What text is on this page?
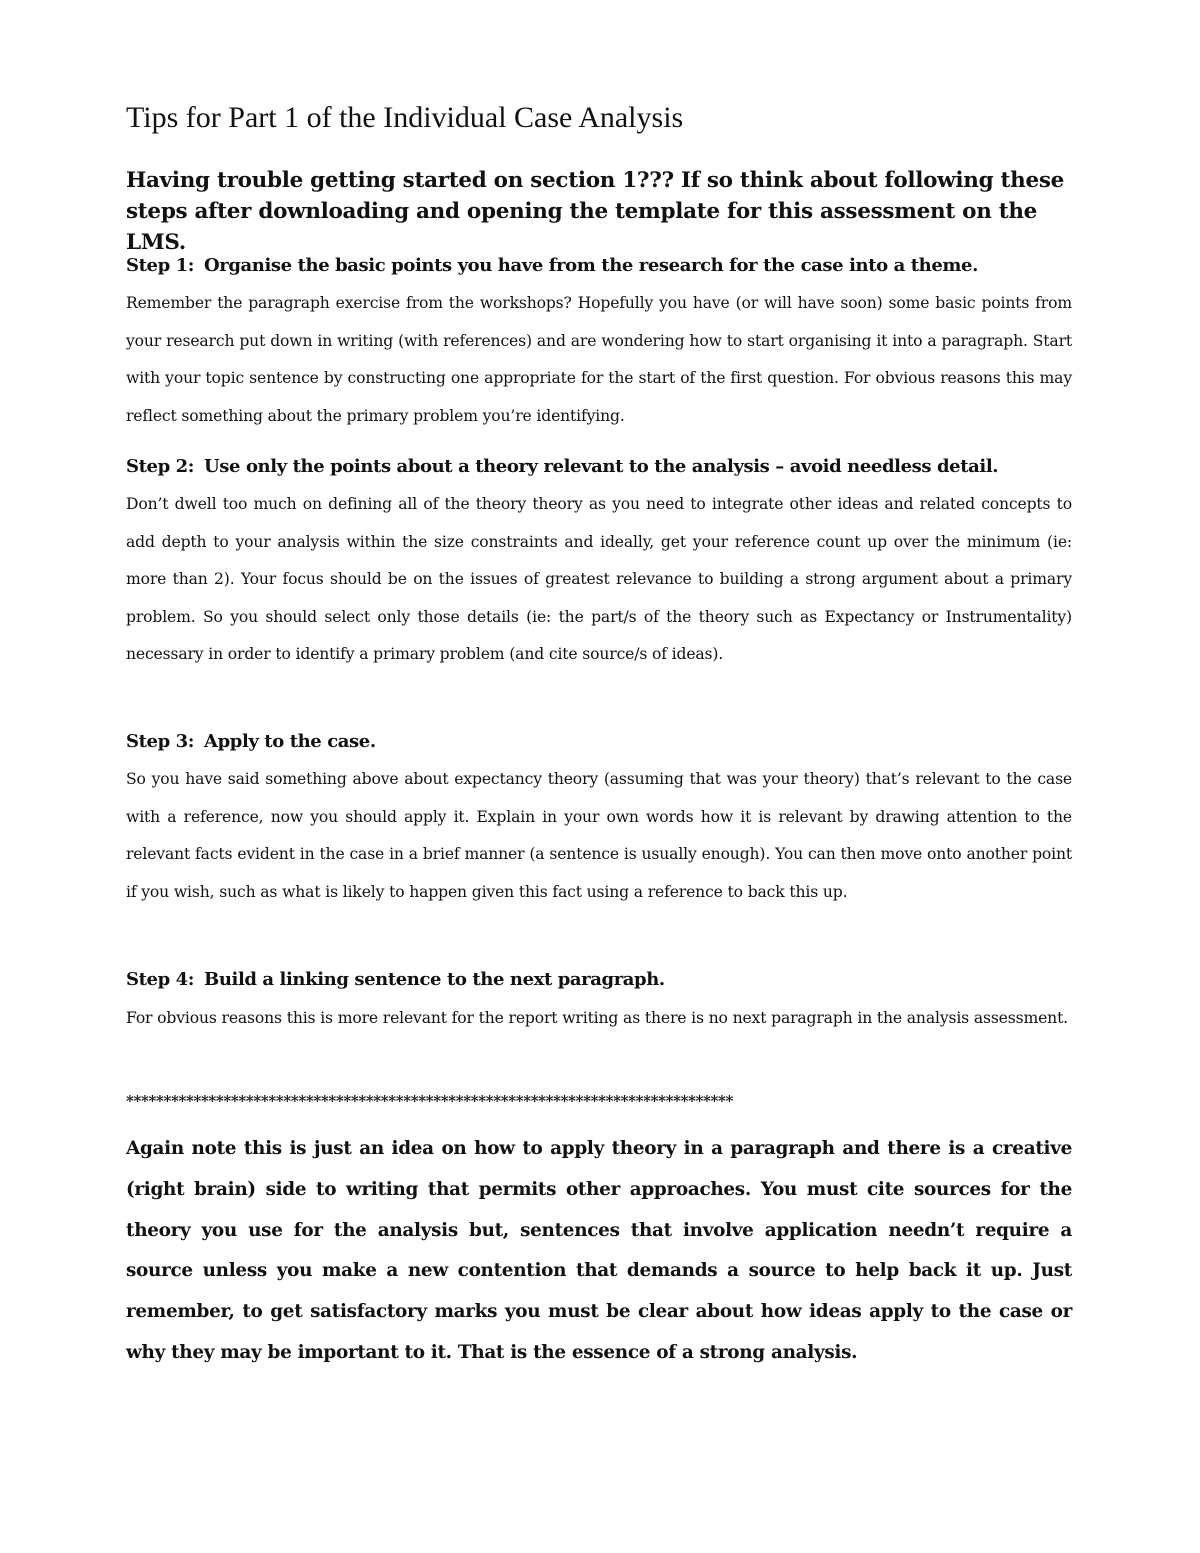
Tips for Part 1 of the Individual Case Analysis

Having trouble getting started on section 1??? If so think about following these steps after downloading and opening the template for this assessment on the LMS.

Step 1: Organise the basic points you have from the research for the case into a theme.

Remember the paragraph exercise from the workshops? Hopefully you have (or will have soon) some basic points from your research put down in writing (with references) and are wondering how to start organising it into a paragraph. Start with your topic sentence by constructing one appropriate for the start of the first question. For obvious reasons this may reflect something about the primary problem you’re identifying.

Step 2: Use only the points about a theory relevant to the analysis – avoid needless detail.

Don’t dwell too much on defining all of the theory theory as you need to integrate other ideas and related concepts to add depth to your analysis within the size constraints and ideally, get your reference count up over the minimum (ie: more than 2). Your focus should be on the issues of greatest relevance to building a strong argument about a primary problem. So you should select only those details (ie: the part/s of the theory such as Expectancy or Instrumentality) necessary in order to identify a primary problem (and cite source/s of ideas).

Step 3: Apply to the case.

So you have said something above about expectancy theory (assuming that was your theory) that’s relevant to the case with a reference, now you should apply it. Explain in your own words how it is relevant by drawing attention to the relevant facts evident in the case in a brief manner (a sentence is usually enough). You can then move onto another point if you wish, such as what is likely to happen given this fact using a reference to back this up.

Step 4: Build a linking sentence to the next paragraph.

For obvious reasons this is more relevant for the report writing as there is no next paragraph in the analysis assessment.

*********************************************************************************

Again note this is just an idea on how to apply theory in a paragraph and there is a creative (right brain) side to writing that permits other approaches. You must cite sources for the theory you use for the analysis but, sentences that involve application needn’t require a source unless you make a new contention that demands a source to help back it up. Just remember, to get satisfactory marks you must be clear about how ideas apply to the case or why they may be important to it. That is the essence of a strong analysis.
